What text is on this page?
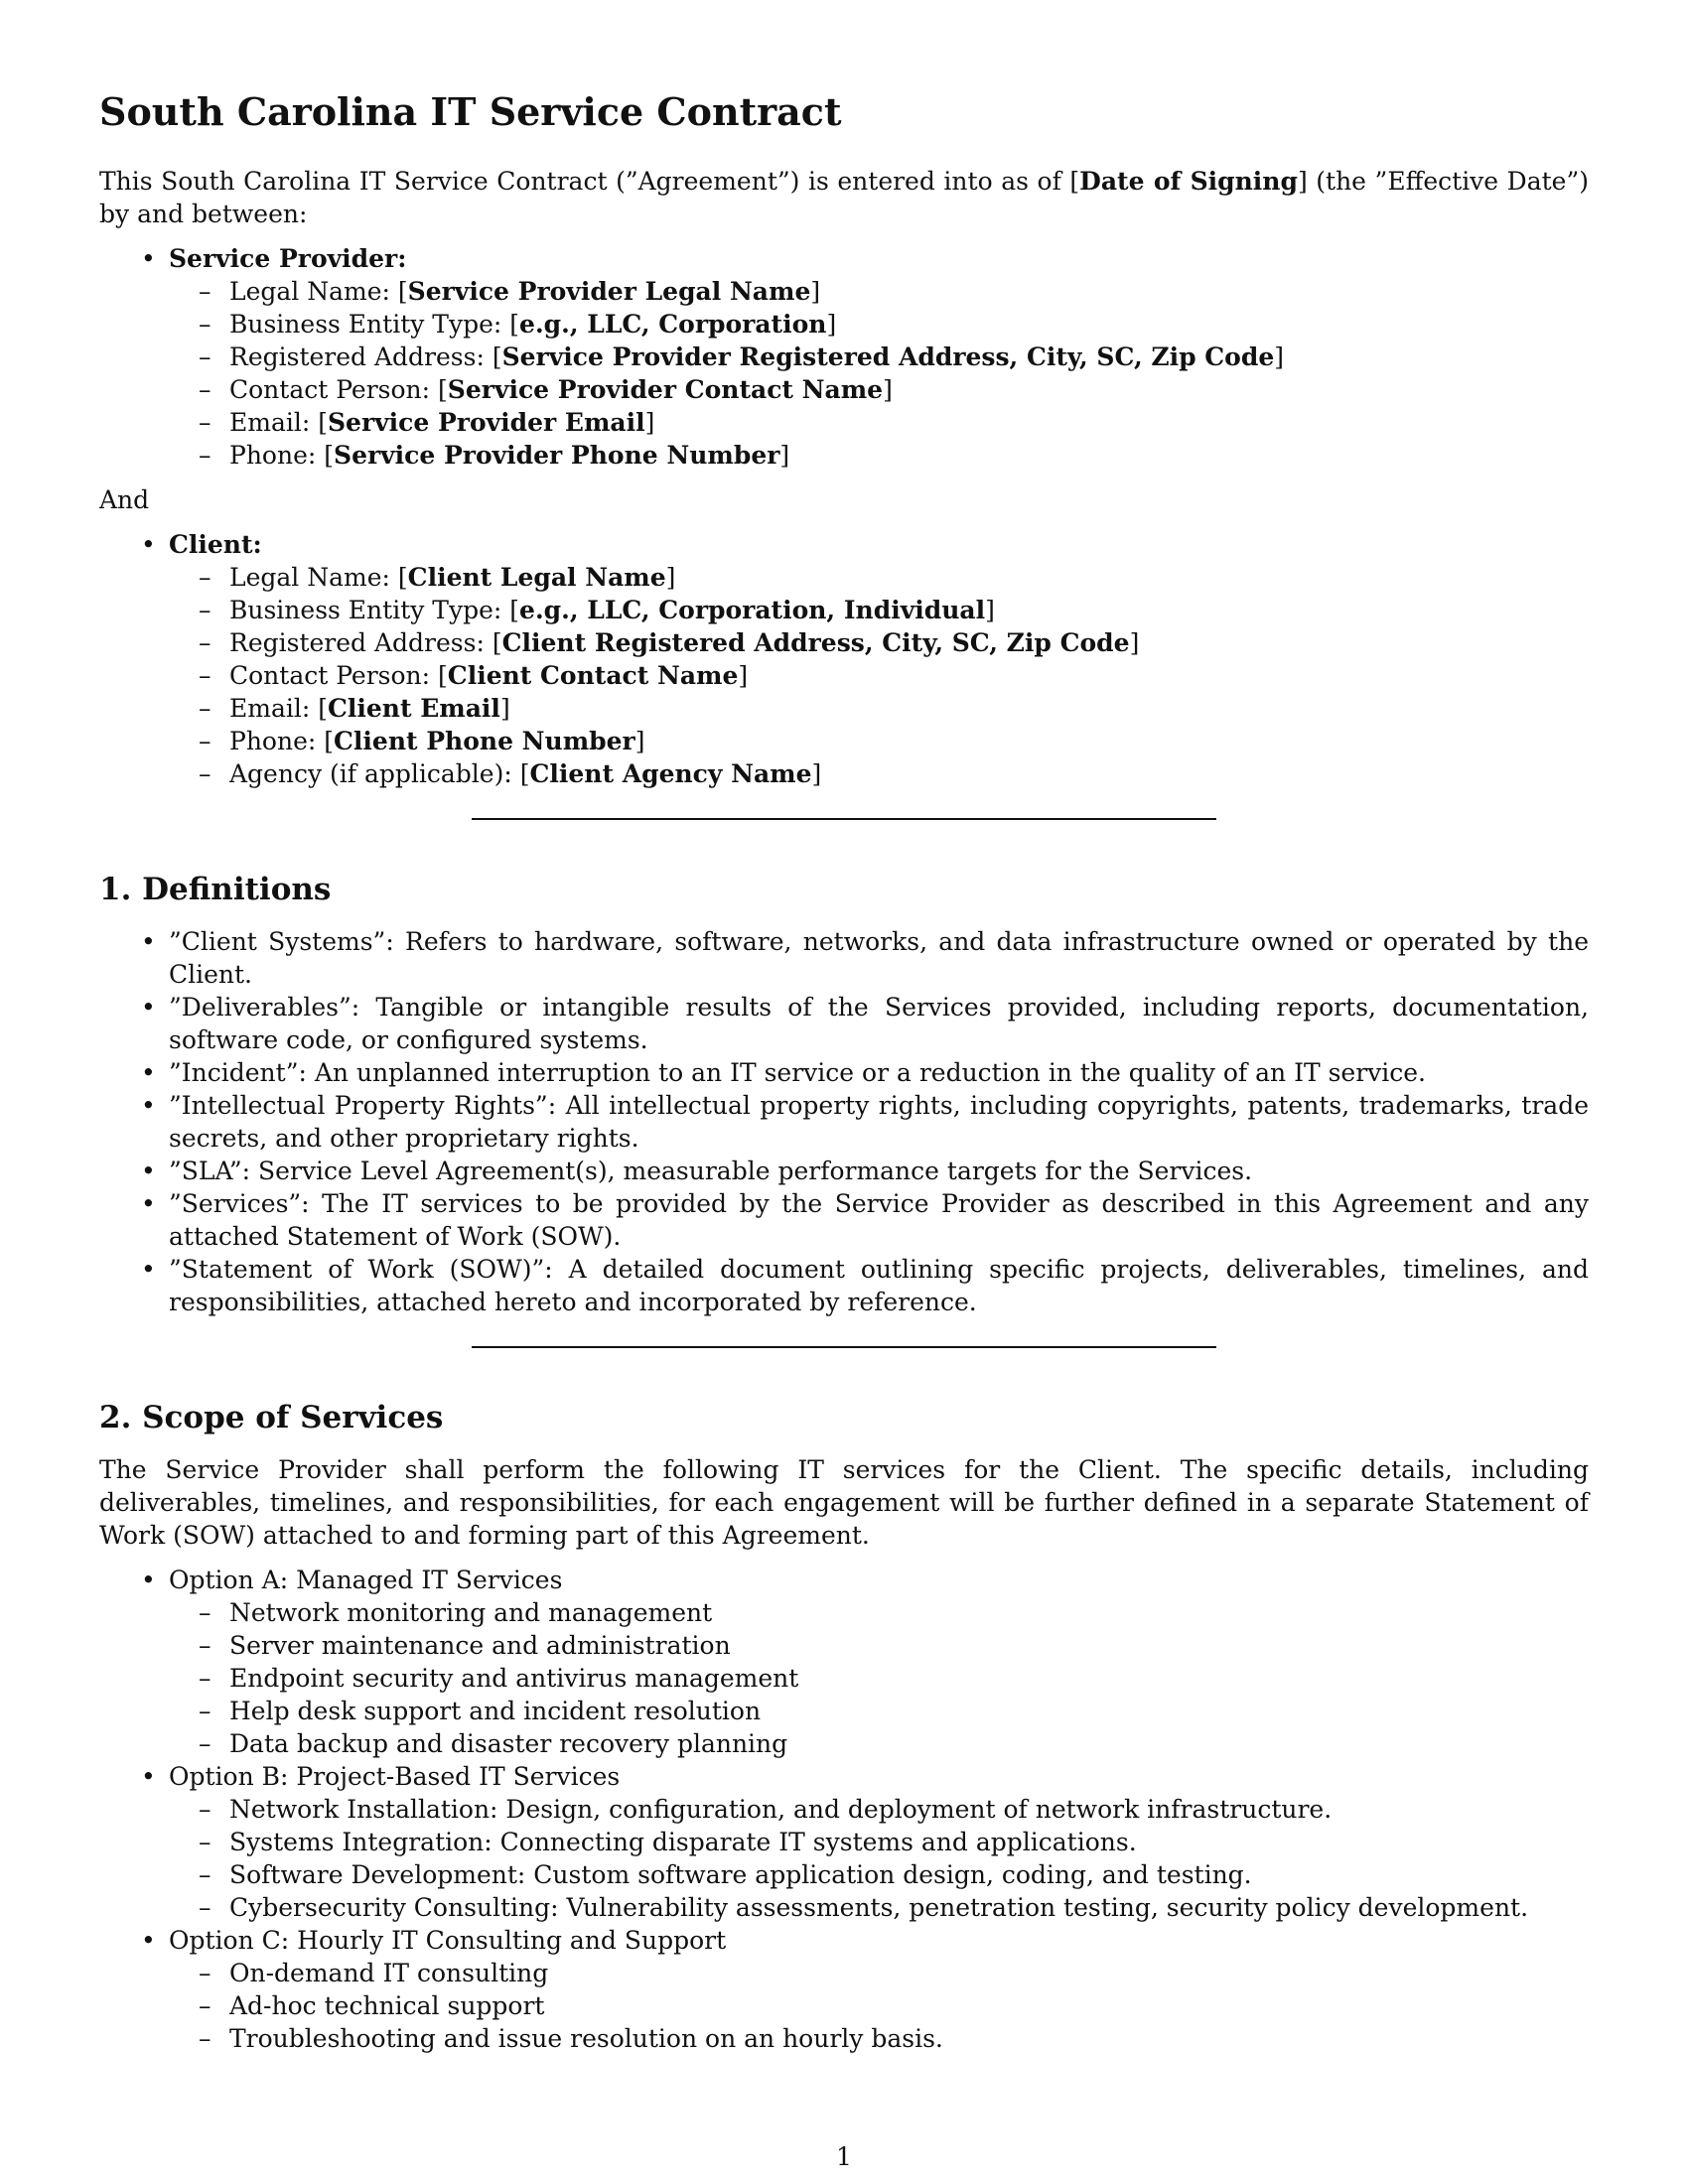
South Carolina IT Service Contract

This South Carolina IT Service Contract (”Agreement”) is entered into as of [Date of Signing] (the ”Effective Date”) by and between:

• Service Provider:
– Legal Name: [Service Provider Legal Name]
– Business Entity Type: [e.g., LLC, Corporation]
– Registered Address: [Service Provider Registered Address, City, SC, Zip Code]
– Contact Person: [Service Provider Contact Name]
– Email: [Service Provider Email]
– Phone: [Service Provider Phone Number]

And

• Client:
– Legal Name: [Client Legal Name]
– Business Entity Type: [e.g., LLC, Corporation, Individual]
– Registered Address: [Client Registered Address, City, SC, Zip Code]
– Contact Person: [Client Contact Name]
– Email: [Client Email]
– Phone: [Client Phone Number]
– Agency (if applicable): [Client Agency Name]
1. Definitions
• ”Client Systems”: Refers to hardware, software, networks, and data infrastructure owned or operated by the Client.
• ”Deliverables”: Tangible or intangible results of the Services provided, including reports, documentation, software code, or configured systems.
• ”Incident”: An unplanned interruption to an IT service or a reduction in the quality of an IT service.
• ”Intellectual Property Rights”: All intellectual property rights, including copyrights, patents, trademarks, trade secrets, and other proprietary rights.
• ”SLA”: Service Level Agreement(s), measurable performance targets for the Services.
• ”Services”: The IT services to be provided by the Service Provider as described in this Agreement and any attached Statement of Work (SOW).
• ”Statement of Work (SOW)”: A detailed document outlining specific projects, deliverables, timelines, and responsibilities, attached hereto and incorporated by reference.
2. Scope of Services

The Service Provider shall perform the following IT services for the Client. The specific details, including deliverables, timelines, and responsibilities, for each engagement will be further defined in a separate Statement of Work (SOW) attached to and forming part of this Agreement.

• Option A: Managed IT Services
– Network monitoring and management
– Server maintenance and administration
– Endpoint security and antivirus management
– Help desk support and incident resolution
– Data backup and disaster recovery planning
• Option B: Project-Based IT Services
– Network Installation: Design, configuration, and deployment of network infrastructure.
– Systems Integration: Connecting disparate IT systems and applications.
– Software Development: Custom software application design, coding, and testing.
– Cybersecurity Consulting: Vulnerability assessments, penetration testing, security policy development.
• Option C: Hourly IT Consulting and Support
– On-demand IT consulting
– Ad-hoc technical support
– Troubleshooting and issue resolution on an hourly basis.
1
